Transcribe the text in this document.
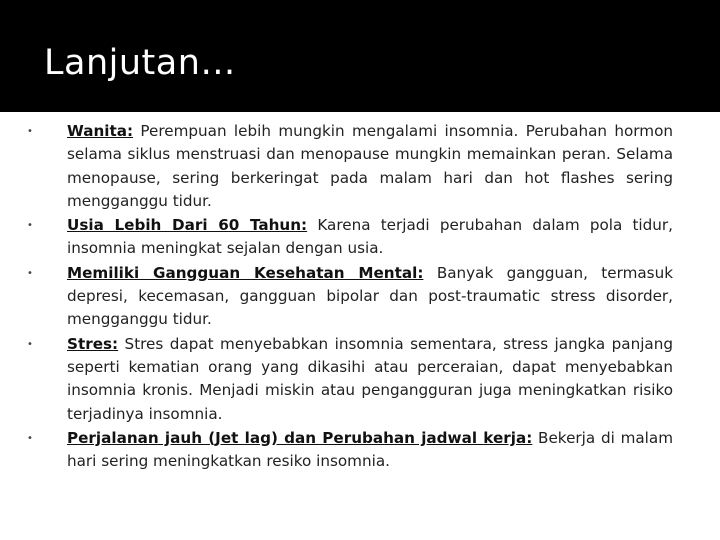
Lanjutan…
• Wanita: Perempuan lebih mungkin mengalami insomnia. Perubahan hormon selama siklus menstruasi dan menopause mungkin memainkan peran. Selama menopause, sering berkeringat pada malam hari dan hot flashes sering mengganggu tidur.
• Usia Lebih Dari 60 Tahun: Karena terjadi perubahan dalam pola tidur, insomnia meningkat sejalan dengan usia.
• Memiliki Gangguan Kesehatan Mental: Banyak gangguan, termasuk depresi, kecemasan, gangguan bipolar dan post-traumatic stress disorder, mengganggu tidur.
• Stres: Stres dapat menyebabkan insomnia sementara, stress jangka panjang seperti kematian orang yang dikasihi atau perceraian, dapat menyebabkan insomnia kronis. Menjadi miskin atau pengangguran juga meningkatkan risiko terjadinya insomnia.
• Perjalanan jauh (Jet lag) dan Perubahan jadwal kerja: Bekerja di malam hari sering meningkatkan resiko insomnia.
